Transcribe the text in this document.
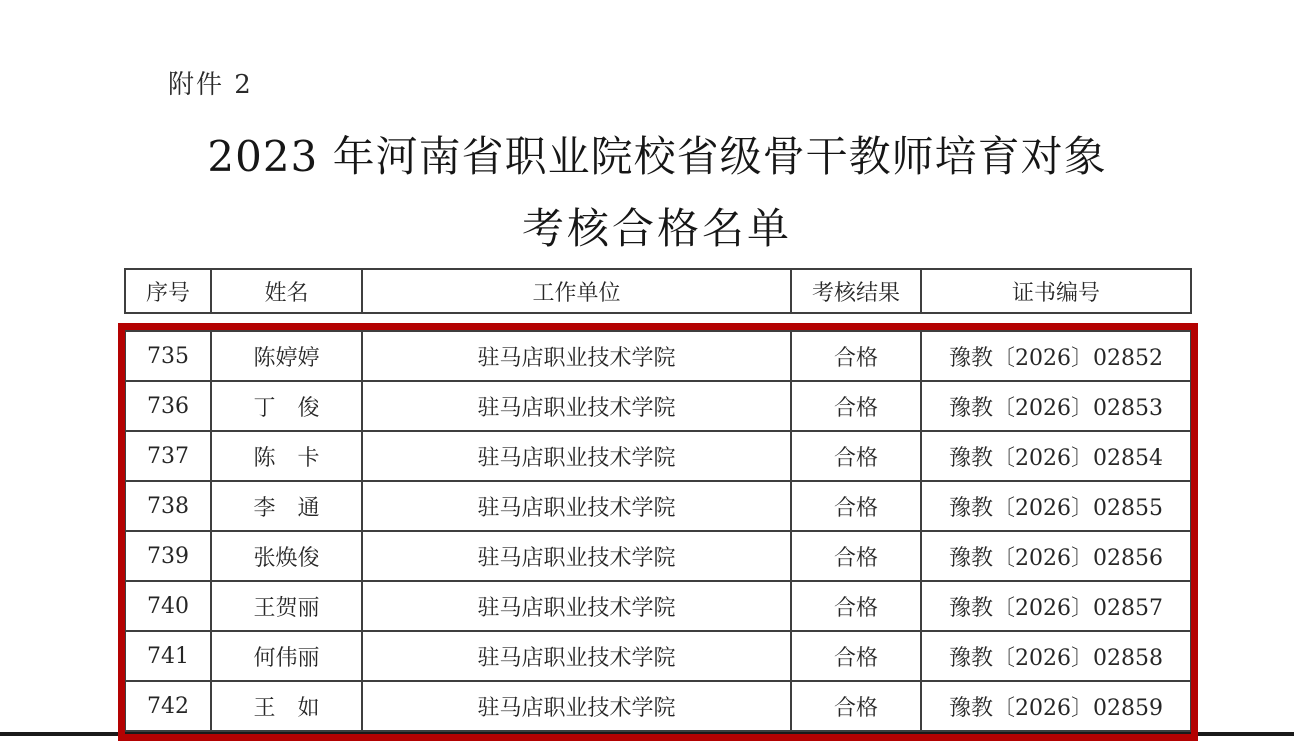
附件 2
2023 年河南省职业院校省级骨干教师培育对象
考核合格名单
序号	姓名	工作单位	考核结果	证书编号
735	陈婷婷	驻马店职业技术学院	合格	豫教〔2026〕02852
736	丁　俊	驻马店职业技术学院	合格	豫教〔2026〕02853
737	陈　卡	驻马店职业技术学院	合格	豫教〔2026〕02854
738	李　通	驻马店职业技术学院	合格	豫教〔2026〕02855
739	张焕俊	驻马店职业技术学院	合格	豫教〔2026〕02856
740	王贺丽	驻马店职业技术学院	合格	豫教〔2026〕02857
741	何伟丽	驻马店职业技术学院	合格	豫教〔2026〕02858
742	王　如	驻马店职业技术学院	合格	豫教〔2026〕02859
